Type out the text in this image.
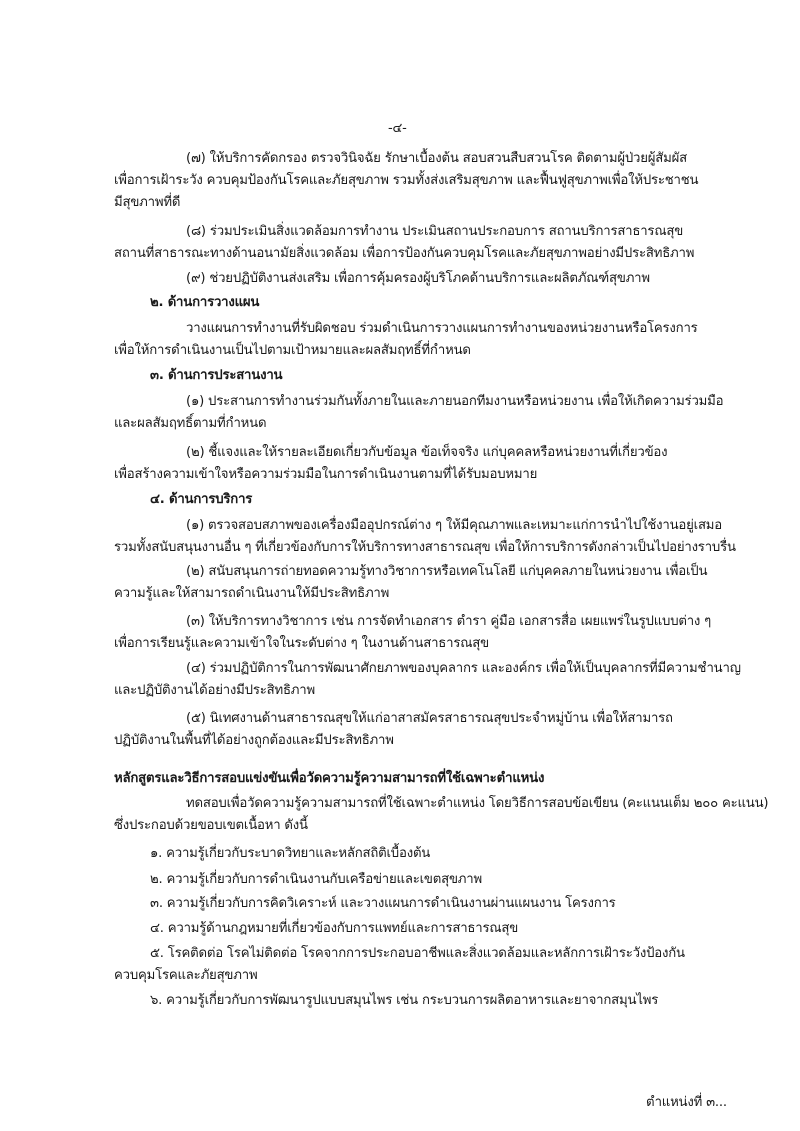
-๔-
(๗) ให้บริการคัดกรอง ตรวจวินิจฉัย รักษาเบื้องต้น สอบสวนสืบสวนโรค ติดตามผู้ป่วยผู้สัมผัส
เพื่อการเฝ้าระวัง ควบคุมป้องกันโรคและภัยสุขภาพ รวมทั้งส่งเสริมสุขภาพ และฟื้นฟูสุขภาพเพื่อให้ประชาชน
มีสุขภาพที่ดี
(๘) ร่วมประเมินสิ่งแวดล้อมการทำงาน ประเมินสถานประกอบการ สถานบริการสาธารณสุข
สถานที่สาธารณะทางด้านอนามัยสิ่งแวดล้อม เพื่อการป้องกันควบคุมโรคและภัยสุขภาพอย่างมีประสิทธิภาพ
(๙) ช่วยปฏิบัติงานส่งเสริม เพื่อการคุ้มครองผู้บริโภคด้านบริการและผลิตภัณฑ์สุขภาพ
๒. ด้านการวางแผน
วางแผนการทำงานที่รับผิดชอบ ร่วมดำเนินการวางแผนการทำงานของหน่วยงานหรือโครงการ
เพื่อให้การดำเนินงานเป็นไปตามเป้าหมายและผลสัมฤทธิ์ที่กำหนด
๓. ด้านการประสานงาน
(๑) ประสานการทำงานร่วมกันทั้งภายในและภายนอกทีมงานหรือหน่วยงาน เพื่อให้เกิดความร่วมมือ
และผลสัมฤทธิ์ตามที่กำหนด
(๒) ชี้แจงและให้รายละเอียดเกี่ยวกับข้อมูล ข้อเท็จจริง แก่บุคคลหรือหน่วยงานที่เกี่ยวข้อง
เพื่อสร้างความเข้าใจหรือความร่วมมือในการดำเนินงานตามที่ได้รับมอบหมาย
๔. ด้านการบริการ
(๑) ตรวจสอบสภาพของเครื่องมืออุปกรณ์ต่าง ๆ ให้มีคุณภาพและเหมาะแก่การนำไปใช้งานอยู่เสมอ
รวมทั้งสนับสนุนงานอื่น ๆ ที่เกี่ยวข้องกับการให้บริการทางสาธารณสุข เพื่อให้การบริการดังกล่าวเป็นไปอย่างราบรื่น
(๒) สนับสนุนการถ่ายทอดความรู้ทางวิชาการหรือเทคโนโลยี แก่บุคคลภายในหน่วยงาน เพื่อเป็น
ความรู้และให้สามารถดำเนินงานให้มีประสิทธิภาพ
(๓) ให้บริการทางวิชาการ เช่น การจัดทำเอกสาร ตำรา คู่มือ เอกสารสื่อ เผยแพร่ในรูปแบบต่าง ๆ
เพื่อการเรียนรู้และความเข้าใจในระดับต่าง ๆ ในงานด้านสาธารณสุข
(๔) ร่วมปฏิบัติการในการพัฒนาศักยภาพของบุคลากร และองค์กร เพื่อให้เป็นบุคลากรที่มีความชำนาญ
และปฏิบัติงานได้อย่างมีประสิทธิภาพ
(๕) นิเทศงานด้านสาธารณสุขให้แก่อาสาสมัครสาธารณสุขประจำหมู่บ้าน เพื่อให้สามารถ
ปฏิบัติงานในพื้นที่ได้อย่างถูกต้องและมีประสิทธิภาพ
หลักสูตรและวิธีการสอบแข่งขันเพื่อวัดความรู้ความสามารถที่ใช้เฉพาะตำแหน่ง
ทดสอบเพื่อวัดความรู้ความสามารถที่ใช้เฉพาะตำแหน่ง โดยวิธีการสอบข้อเขียน (คะแนนเต็ม ๒๐๐ คะแนน)
ซึ่งประกอบด้วยขอบเขตเนื้อหา ดังนี้
๑. ความรู้เกี่ยวกับระบาดวิทยาและหลักสถิติเบื้องต้น
๒. ความรู้เกี่ยวกับการดำเนินงานกับเครือข่ายและเขตสุขภาพ
๓. ความรู้เกี่ยวกับการคิดวิเคราะห์ และวางแผนการดำเนินงานผ่านแผนงาน โครงการ
๔. ความรู้ด้านกฎหมายที่เกี่ยวข้องกับการแพทย์และการสาธารณสุข
๕. โรคติดต่อ โรคไม่ติดต่อ โรคจากการประกอบอาชีพและสิ่งแวดล้อมและหลักการเฝ้าระวังป้องกัน
ควบคุมโรคและภัยสุขภาพ
๖. ความรู้เกี่ยวกับการพัฒนารูปแบบสมุนไพร เช่น กระบวนการผลิตอาหารและยาจากสมุนไพร
ตำแหน่งที่ ๓...
